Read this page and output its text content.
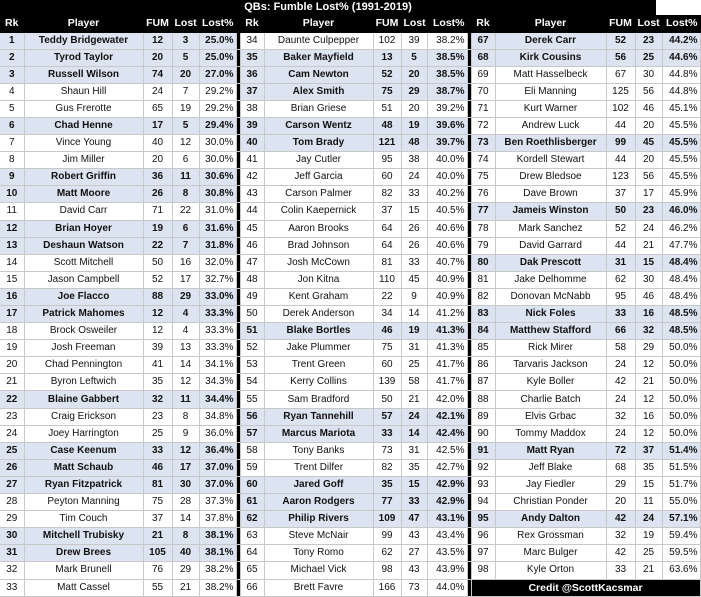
QBs: Fumble Lost% (1991-2019)
Rk	Player	FUM	Lost	Lost%		Rk	Player	FUM	Lost	Lost%		Rk	Player	FUM	Lost	Lost%
1	Teddy Bridgewater	12	3	25.0%		34	Daunte Culpepper	102	39	38.2%		67	Derek Carr	52	23	44.2%
2	Tyrod Taylor	20	5	25.0%		35	Baker Mayfield	13	5	38.5%		68	Kirk Cousins	56	25	44.6%
3	Russell Wilson	74	20	27.0%		36	Cam Newton	52	20	38.5%		69	Matt Hasselbeck	67	30	44.8%
4	Shaun Hill	24	7	29.2%		37	Alex Smith	75	29	38.7%		70	Eli Manning	125	56	44.8%
5	Gus Frerotte	65	19	29.2%		38	Brian Griese	51	20	39.2%		71	Kurt Warner	102	46	45.1%
6	Chad Henne	17	5	29.4%		39	Carson Wentz	48	19	39.6%		72	Andrew Luck	44	20	45.5%
7	Vince Young	40	12	30.0%		40	Tom Brady	121	48	39.7%		73	Ben Roethlisberger	99	45	45.5%
8	Jim Miller	20	6	30.0%		41	Jay Cutler	95	38	40.0%		74	Kordell Stewart	44	20	45.5%
9	Robert Griffin	36	11	30.6%		42	Jeff Garcia	60	24	40.0%		75	Drew Bledsoe	123	56	45.5%
10	Matt Moore	26	8	30.8%		43	Carson Palmer	82	33	40.2%		76	Dave Brown	37	17	45.9%
11	David Carr	71	22	31.0%		44	Colin Kaepernick	37	15	40.5%		77	Jameis Winston	50	23	46.0%
12	Brian Hoyer	19	6	31.6%		45	Aaron Brooks	64	26	40.6%		78	Mark Sanchez	52	24	46.2%
13	Deshaun Watson	22	7	31.8%		46	Brad Johnson	64	26	40.6%		79	David Garrard	44	21	47.7%
14	Scott Mitchell	50	16	32.0%		47	Josh McCown	81	33	40.7%		80	Dak Prescott	31	15	48.4%
15	Jason Campbell	52	17	32.7%		48	Jon Kitna	110	45	40.9%		81	Jake Delhomme	62	30	48.4%
16	Joe Flacco	88	29	33.0%		49	Kent Graham	22	9	40.9%		82	Donovan McNabb	95	46	48.4%
17	Patrick Mahomes	12	4	33.3%		50	Derek Anderson	34	14	41.2%		83	Nick Foles	33	16	48.5%
18	Brock Osweiler	12	4	33.3%		51	Blake Bortles	46	19	41.3%		84	Matthew Stafford	66	32	48.5%
19	Josh Freeman	39	13	33.3%		52	Jake Plummer	75	31	41.3%		85	Rick Mirer	58	29	50.0%
20	Chad Pennington	41	14	34.1%		53	Trent Green	60	25	41.7%		86	Tarvaris Jackson	24	12	50.0%
21	Byron Leftwich	35	12	34.3%		54	Kerry Collins	139	58	41.7%		87	Kyle Boller	42	21	50.0%
22	Blaine Gabbert	32	11	34.4%		55	Sam Bradford	50	21	42.0%		88	Charlie Batch	24	12	50.0%
23	Craig Erickson	23	8	34.8%		56	Ryan Tannehill	57	24	42.1%		89	Elvis Grbac	32	16	50.0%
24	Joey Harrington	25	9	36.0%		57	Marcus Mariota	33	14	42.4%		90	Tommy Maddox	24	12	50.0%
25	Case Keenum	33	12	36.4%		58	Tony Banks	73	31	42.5%		91	Matt Ryan	72	37	51.4%
26	Matt Schaub	46	17	37.0%		59	Trent Dilfer	82	35	42.7%		92	Jeff Blake	68	35	51.5%
27	Ryan Fitzpatrick	81	30	37.0%		60	Jared Goff	35	15	42.9%		93	Jay Fiedler	29	15	51.7%
28	Peyton Manning	75	28	37.3%		61	Aaron Rodgers	77	33	42.9%		94	Christian Ponder	20	11	55.0%
29	Tim Couch	37	14	37.8%		62	Philip Rivers	109	47	43.1%		95	Andy Dalton	42	24	57.1%
30	Mitchell Trubisky	21	8	38.1%		63	Steve McNair	99	43	43.4%		96	Rex Grossman	32	19	59.4%
31	Drew Brees	105	40	38.1%		64	Tony Romo	62	27	43.5%		97	Marc Bulger	42	25	59.5%
32	Mark Brunell	76	29	38.2%		65	Michael Vick	98	43	43.9%		98	Kyle Orton	33	21	63.6%
33	Matt Cassel	55	21	38.2%		66	Brett Favre	166	73	44.0%		Credit @ScottKacsmar				
